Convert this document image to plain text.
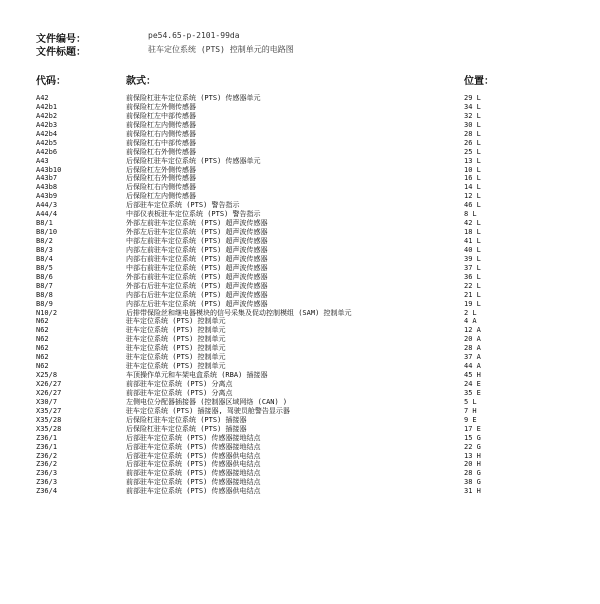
文件编号：	pe54.65-p-2101-99da
文件标题：	驻车定位系统 (PTS) 控制单元的电路图
代码：	款式：	位置：
A42	前保险杠驻车定位系统 (PTS) 传感器单元	29 L
A42b1	前保险杠左外侧传感器	34 L
A42b2	前保险杠左中部传感器	32 L
A42b3	前保险杠左内侧传感器	30 L
A42b4	前保险杠右内侧传感器	28 L
A42b5	前保险杠右中部传感器	26 L
A42b6	前保险杠右外侧传感器	25 L
A43	后保险杠驻车定位系统 (PTS) 传感器单元	13 L
A43b10	后保险杠左外侧传感器	10 L
A43b7	后保险杠右外侧传感器	16 L
A43b8	后保险杠右内侧传感器	14 L
A43b9	后保险杠左内侧传感器	12 L
A44/3	后部驻车定位系统 (PTS) 警告指示	46 L
A44/4	中部仪表板驻车定位系统 (PTS) 警告指示	8 L
B8/1	外部左前驻车定位系统 (PTS) 超声波传感器	42 L
B8/10	外部左后驻车定位系统 (PTS) 超声波传感器	18 L
B8/2	中部左前驻车定位系统 (PTS) 超声波传感器	41 L
B8/3	内部左前驻车定位系统 (PTS) 超声波传感器	40 L
B8/4	内部右前驻车定位系统 (PTS) 超声波传感器	39 L
B8/5	中部右前驻车定位系统 (PTS) 超声波传感器	37 L
B8/6	外部右前驻车定位系统 (PTS) 超声波传感器	36 L
B8/7	外部右后驻车定位系统 (PTS) 超声波传感器	22 L
B8/8	内部右后驻车定位系统 (PTS) 超声波传感器	21 L
B8/9	内部左后驻车定位系统 (PTS) 超声波传感器	19 L
N10/2	后排带保险丝和继电器模块的信号采集及促动控制模组 (SAM) 控制单元	2 L
N62	驻车定位系统 (PTS) 控制单元	4 A
N62	驻车定位系统 (PTS) 控制单元	12 A
N62	驻车定位系统 (PTS) 控制单元	20 A
N62	驻车定位系统 (PTS) 控制单元	28 A
N62	驻车定位系统 (PTS) 控制单元	37 A
N62	驻车定位系统 (PTS) 控制单元	44 A
X25/8	车顶操作单元和车架电盒系统 (RBA) 插接器	45 H
X26/27	前部驻车定位系统 (PTS) 分离点	24 E
X26/27	前部驻车定位系统 (PTS) 分离点	35 E
X30/7	左侧电位分配器插接器 (控制器区域网络 (CAN) )	5 L
X35/27	驻车定位系统 (PTS) 插接器, 驾驶员舱警告显示器	7 H
X35/28	后保险杠驻车定位系统 (PTS) 插接器	9 E
X35/28	后保险杠驻车定位系统 (PTS) 插接器	17 E
Z36/1	后部驻车定位系统 (PTS) 传感器接地结点	15 G
Z36/1	后部驻车定位系统 (PTS) 传感器接地结点	22 G
Z36/2	后部驻车定位系统 (PTS) 传感器供电结点	13 H
Z36/2	后部驻车定位系统 (PTS) 传感器供电结点	20 H
Z36/3	前部驻车定位系统 (PTS) 传感器接地结点	28 G
Z36/3	前部驻车定位系统 (PTS) 传感器接地结点	38 G
Z36/4	前部驻车定位系统 (PTS) 传感器供电结点	31 H
